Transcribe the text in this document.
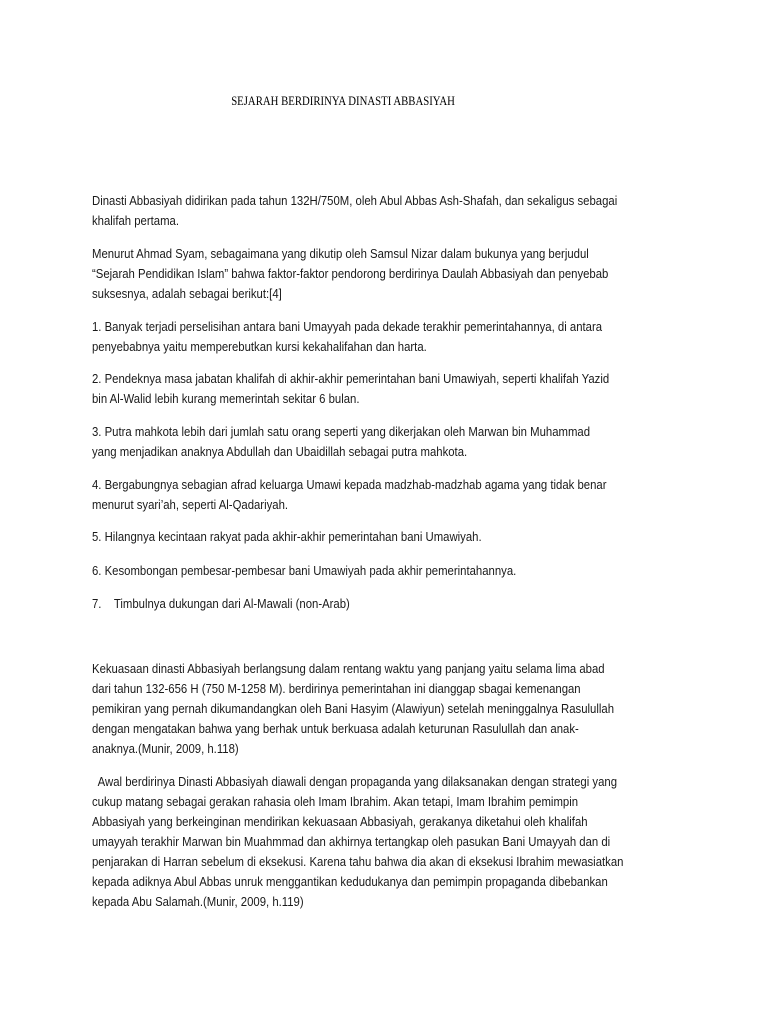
SEJARAH BERDIRINYA DINASTI ABBASIYAH
Dinasti Abbasiyah didirikan pada tahun 132H/750M, oleh Abul Abbas Ash-Shafah, dan sekaligus sebagai
khalifah pertama.
Menurut Ahmad Syam, sebagaimana yang dikutip oleh Samsul Nizar dalam bukunya yang berjudul
“Sejarah Pendidikan Islam” bahwa faktor-faktor pendorong berdirinya Daulah Abbasiyah dan penyebab
suksesnya, adalah sebagai berikut:[4]
1. Banyak terjadi perselisihan antara bani Umayyah pada dekade terakhir pemerintahannya, di antara
penyebabnya yaitu memperebutkan kursi kekahalifahan dan harta.
2. Pendeknya masa jabatan khalifah di akhir-akhir pemerintahan bani Umawiyah, seperti khalifah Yazid
bin Al-Walid lebih kurang memerintah sekitar 6 bulan.
3. Putra mahkota lebih dari jumlah satu orang seperti yang dikerjakan oleh Marwan bin Muhammad
yang menjadikan anaknya Abdullah dan Ubaidillah sebagai putra mahkota.
4. Bergabungnya sebagian afrad keluarga Umawi kepada madzhab-madzhab agama yang tidak benar
menurut syari’ah, seperti Al-Qadariyah.
5. Hilangnya kecintaan rakyat pada akhir-akhir pemerintahan bani Umawiyah.
6. Kesombongan pembesar-pembesar bani Umawiyah pada akhir pemerintahannya.
7.    Timbulnya dukungan dari Al-Mawali (non-Arab)
Kekuasaan dinasti Abbasiyah berlangsung dalam rentang waktu yang panjang yaitu selama lima abad
dari tahun 132-656 H (750 M-1258 M). berdirinya pemerintahan ini dianggap sbagai kemenangan
pemikiran yang pernah dikumandangkan oleh Bani Hasyim (Alawiyun) setelah meninggalnya Rasulullah
dengan mengatakan bahwa yang berhak untuk berkuasa adalah keturunan Rasulullah dan anak-
anaknya.(Munir, 2009, h.118)
Awal berdirinya Dinasti Abbasiyah diawali dengan propaganda yang dilaksanakan dengan strategi yang
cukup matang sebagai gerakan rahasia oleh Imam Ibrahim. Akan tetapi, Imam Ibrahim pemimpin
Abbasiyah yang berkeinginan mendirikan kekuasaan Abbasiyah, gerakanya diketahui oleh khalifah
umayyah terakhir Marwan bin Muahmmad dan akhirnya tertangkap oleh pasukan Bani Umayyah dan di
penjarakan di Harran sebelum di eksekusi. Karena tahu bahwa dia akan di eksekusi Ibrahim mewasiatkan
kepada adiknya Abul Abbas unruk menggantikan kedudukanya dan pemimpin propaganda dibebankan
kepada Abu Salamah.(Munir, 2009, h.119)
